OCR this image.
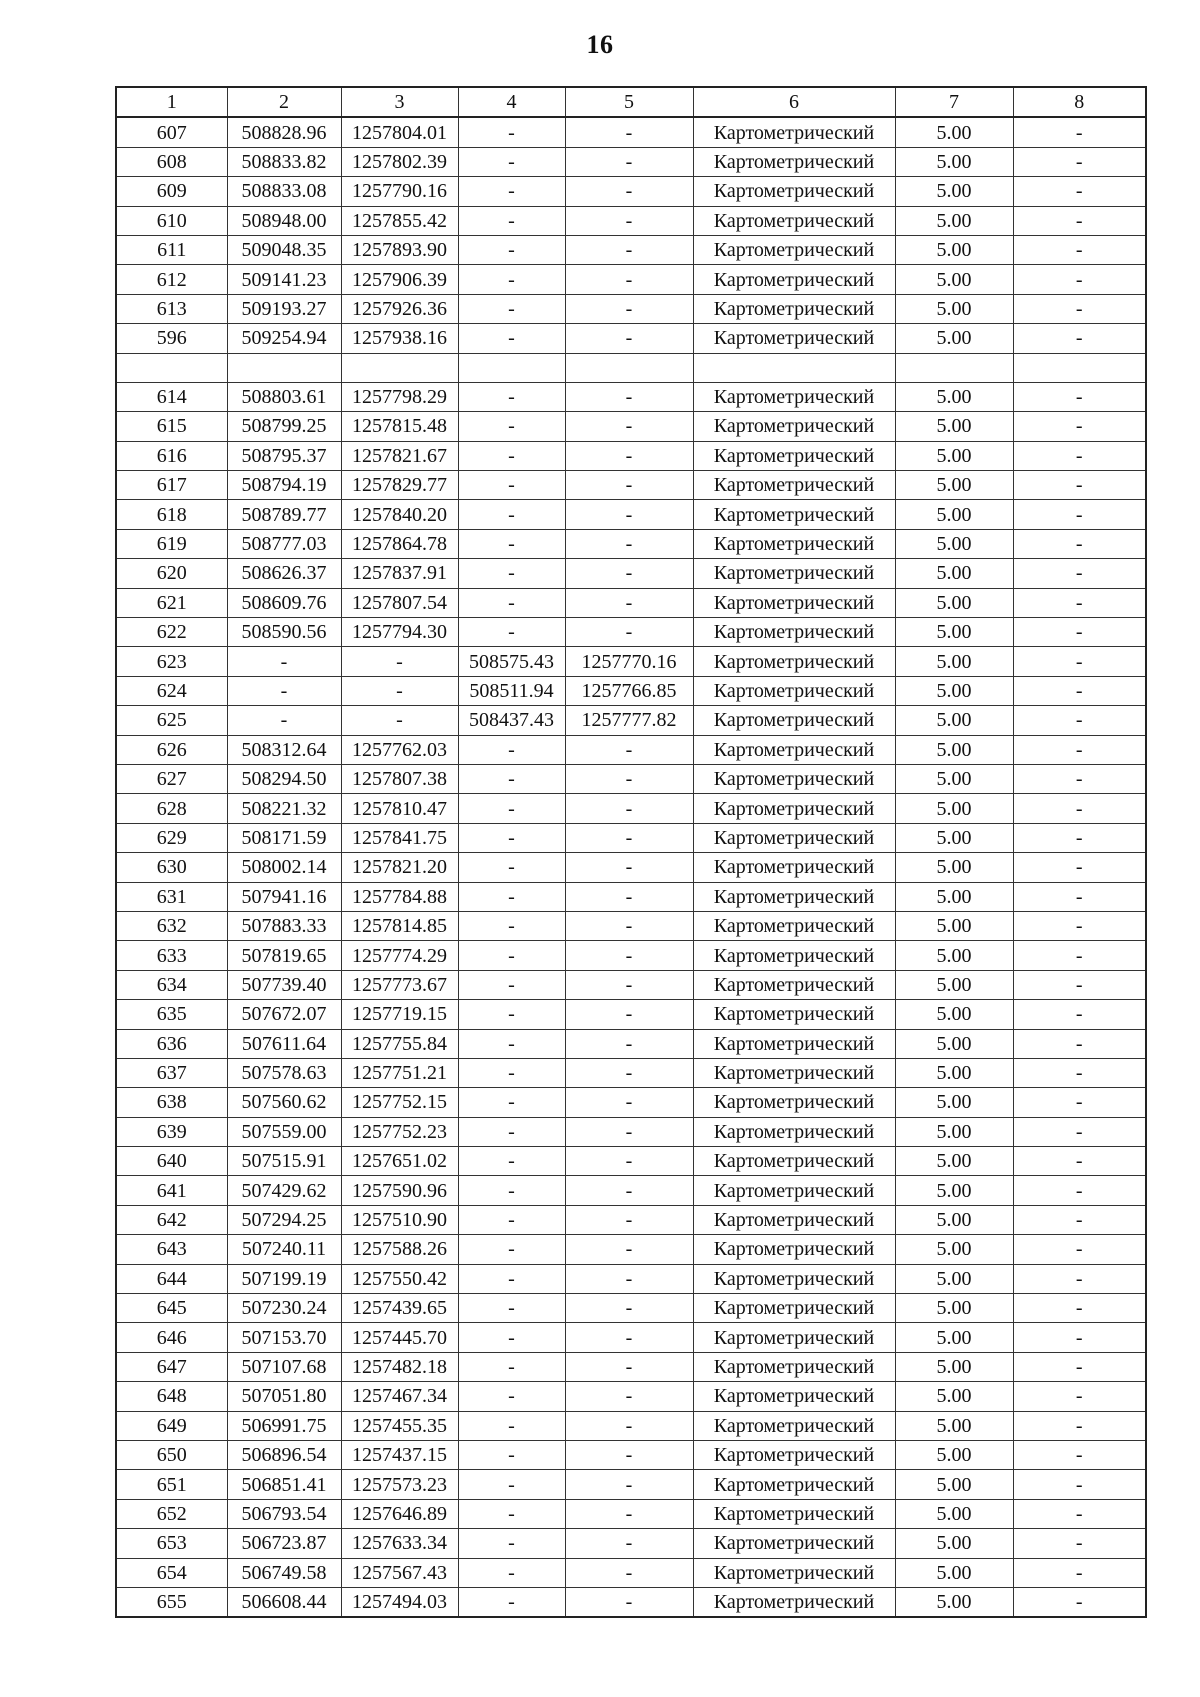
16
1	2	3	4	5	6	7	8
607	508828.96	1257804.01	-	-	Картометрический	5.00	-
608	508833.82	1257802.39	-	-	Картометрический	5.00	-
609	508833.08	1257790.16	-	-	Картометрический	5.00	-
610	508948.00	1257855.42	-	-	Картометрический	5.00	-
611	509048.35	1257893.90	-	-	Картометрический	5.00	-
612	509141.23	1257906.39	-	-	Картометрический	5.00	-
613	509193.27	1257926.36	-	-	Картометрический	5.00	-
596	509254.94	1257938.16	-	-	Картометрический	5.00	-

614	508803.61	1257798.29	-	-	Картометрический	5.00	-
615	508799.25	1257815.48	-	-	Картометрический	5.00	-
616	508795.37	1257821.67	-	-	Картометрический	5.00	-
617	508794.19	1257829.77	-	-	Картометрический	5.00	-
618	508789.77	1257840.20	-	-	Картометрический	5.00	-
619	508777.03	1257864.78	-	-	Картометрический	5.00	-
620	508626.37	1257837.91	-	-	Картометрический	5.00	-
621	508609.76	1257807.54	-	-	Картометрический	5.00	-
622	508590.56	1257794.30	-	-	Картометрический	5.00	-
623	-	-	508575.43	1257770.16	Картометрический	5.00	-
624	-	-	508511.94	1257766.85	Картометрический	5.00	-
625	-	-	508437.43	1257777.82	Картометрический	5.00	-
626	508312.64	1257762.03	-	-	Картометрический	5.00	-
627	508294.50	1257807.38	-	-	Картометрический	5.00	-
628	508221.32	1257810.47	-	-	Картометрический	5.00	-
629	508171.59	1257841.75	-	-	Картометрический	5.00	-
630	508002.14	1257821.20	-	-	Картометрический	5.00	-
631	507941.16	1257784.88	-	-	Картометрический	5.00	-
632	507883.33	1257814.85	-	-	Картометрический	5.00	-
633	507819.65	1257774.29	-	-	Картометрический	5.00	-
634	507739.40	1257773.67	-	-	Картометрический	5.00	-
635	507672.07	1257719.15	-	-	Картометрический	5.00	-
636	507611.64	1257755.84	-	-	Картометрический	5.00	-
637	507578.63	1257751.21	-	-	Картометрический	5.00	-
638	507560.62	1257752.15	-	-	Картометрический	5.00	-
639	507559.00	1257752.23	-	-	Картометрический	5.00	-
640	507515.91	1257651.02	-	-	Картометрический	5.00	-
641	507429.62	1257590.96	-	-	Картометрический	5.00	-
642	507294.25	1257510.90	-	-	Картометрический	5.00	-
643	507240.11	1257588.26	-	-	Картометрический	5.00	-
644	507199.19	1257550.42	-	-	Картометрический	5.00	-
645	507230.24	1257439.65	-	-	Картометрический	5.00	-
646	507153.70	1257445.70	-	-	Картометрический	5.00	-
647	507107.68	1257482.18	-	-	Картометрический	5.00	-
648	507051.80	1257467.34	-	-	Картометрический	5.00	-
649	506991.75	1257455.35	-	-	Картометрический	5.00	-
650	506896.54	1257437.15	-	-	Картометрический	5.00	-
651	506851.41	1257573.23	-	-	Картометрический	5.00	-
652	506793.54	1257646.89	-	-	Картометрический	5.00	-
653	506723.87	1257633.34	-	-	Картометрический	5.00	-
654	506749.58	1257567.43	-	-	Картометрический	5.00	-
655	506608.44	1257494.03	-	-	Картометрический	5.00	-
